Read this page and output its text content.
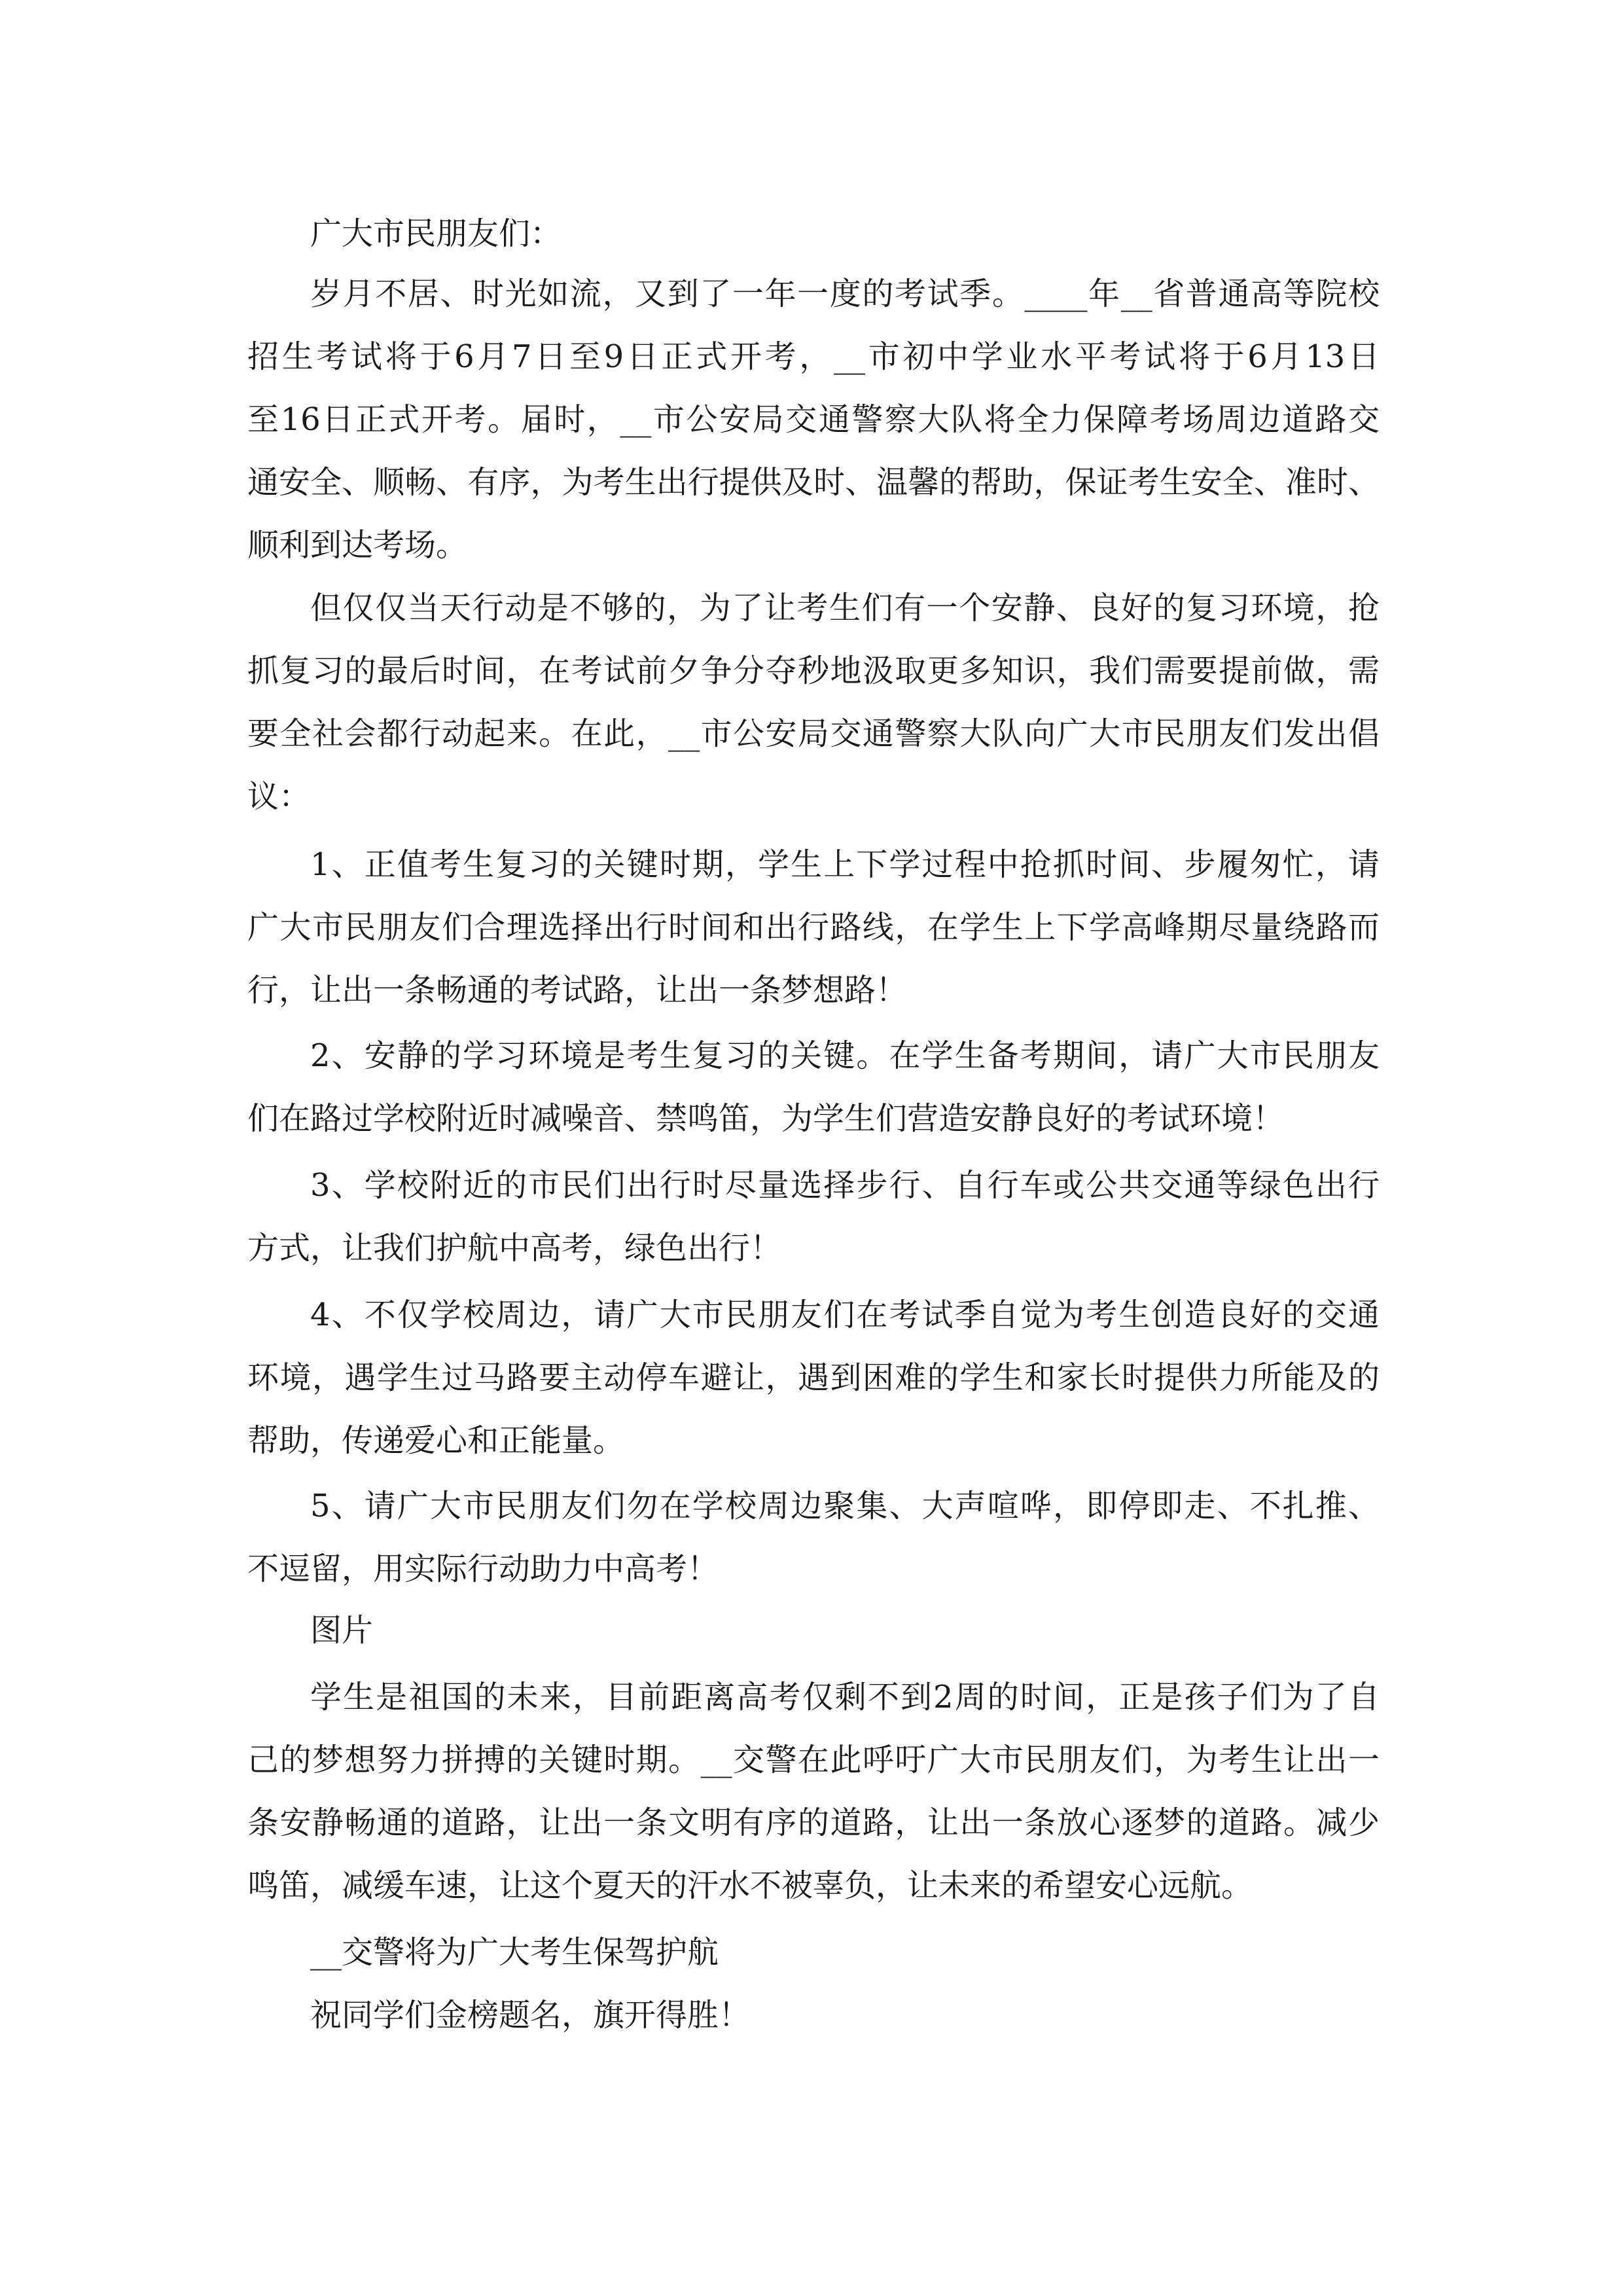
广大市民朋友们：

岁月不居、时光如流，又到了一年一度的考试季。____年__省普通高等院校

招生考试将于6月7日至9日正式开考，__市初中学业水平考试将于6月13日

至16日正式开考。届时，__市公安局交通警察大队将全力保障考场周边道路交

通安全、顺畅、有序，为考生出行提供及时、温馨的帮助，保证考生安全、准时、

顺利到达考场。

但仅仅当天行动是不够的，为了让考生们有一个安静、良好的复习环境，抢

抓复习的最后时间，在考试前夕争分夺秒地汲取更多知识，我们需要提前做，需

要全社会都行动起来。在此，__市公安局交通警察大队向广大市民朋友们发出倡

议：

1、正值考生复习的关键时期，学生上下学过程中抢抓时间、步履匆忙，请

广大市民朋友们合理选择出行时间和出行路线，在学生上下学高峰期尽量绕路而

行，让出一条畅通的考试路，让出一条梦想路！

2、安静的学习环境是考生复习的关键。在学生备考期间，请广大市民朋友

们在路过学校附近时减噪音、禁鸣笛，为学生们营造安静良好的考试环境！

3、学校附近的市民们出行时尽量选择步行、自行车或公共交通等绿色出行

方式，让我们护航中高考，绿色出行！

4、不仅学校周边，请广大市民朋友们在考试季自觉为考生创造良好的交通

环境，遇学生过马路要主动停车避让，遇到困难的学生和家长时提供力所能及的

帮助，传递爱心和正能量。

5、请广大市民朋友们勿在学校周边聚集、大声喧哗，即停即走、不扎推、

不逗留，用实际行动助力中高考！

图片

学生是祖国的未来，目前距离高考仅剩不到2周的时间，正是孩子们为了自

己的梦想努力拼搏的关键时期。__交警在此呼吁广大市民朋友们，为考生让出一

条安静畅通的道路，让出一条文明有序的道路，让出一条放心逐梦的道路。减少

鸣笛，减缓车速，让这个夏天的汗水不被辜负，让未来的希望安心远航。

__交警将为广大考生保驾护航

祝同学们金榜题名，旗开得胜！
